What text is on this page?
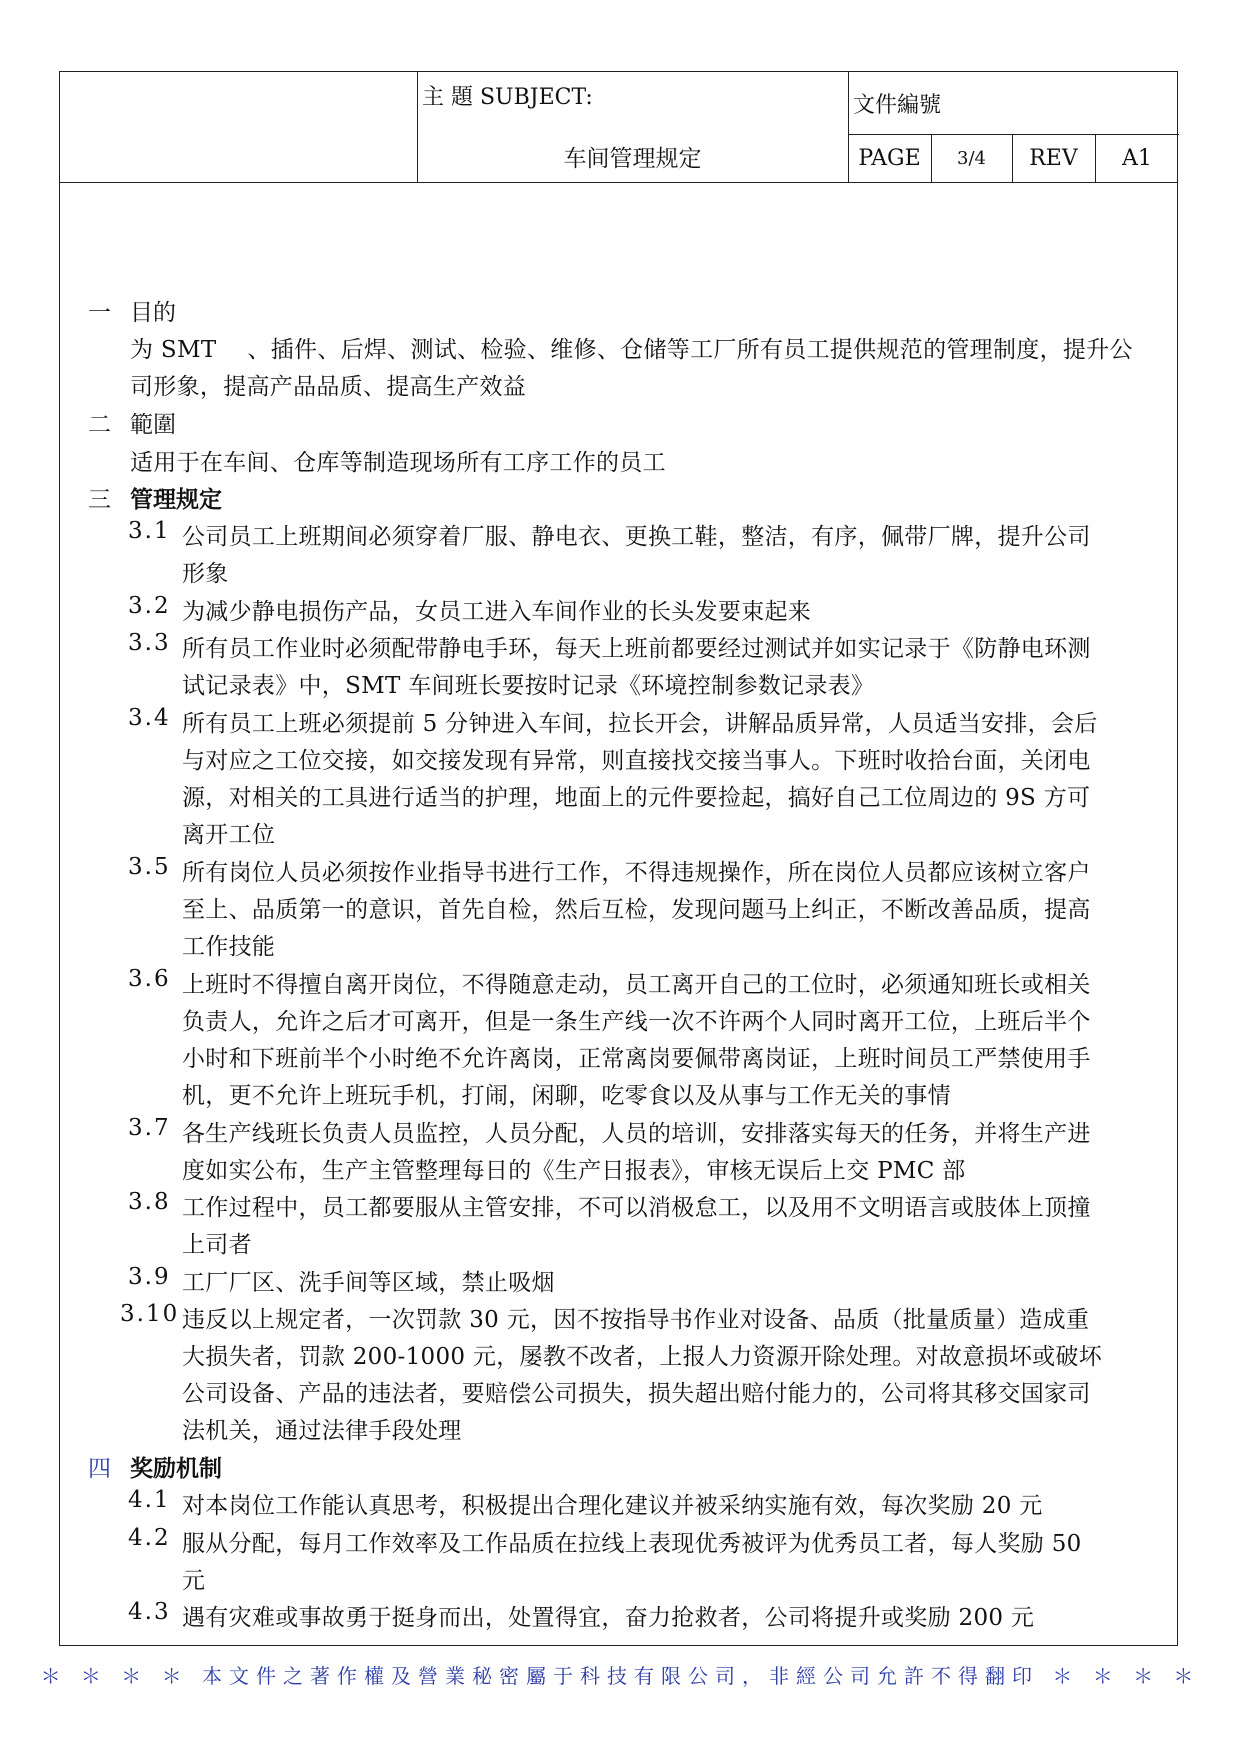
主 題 SUBJECT:
车间管理规定
文件編號
PAGE	3/4	REV	A1
一 目的
为 SMT 　、插件、后焊、测试、检验、维修、仓储等工厂所有员工提供规范的管理制度，提升公
司形象，提高产品品质、提高生产效益
二 範圍
适用于在车间、仓库等制造现场所有工序工作的员工
三 管理规定
3.1 公司员工上班期间必须穿着厂服、静电衣、更换工鞋，整洁，有序，佩带厂牌，提升公司
形象
3.2 为减少静电损伤产品，女员工进入车间作业的长头发要束起来
3.3 所有员工作业时必须配带静电手环，每天上班前都要经过测试并如实记录于《防静电环测
试记录表》中，SMT 车间班长要按时记录《环境控制参数记录表》
3.4 所有员工上班必须提前 5 分钟进入车间，拉长开会，讲解品质异常，人员适当安排，会后
与对应之工位交接，如交接发现有异常，则直接找交接当事人。下班时收拾台面，关闭电
源，对相关的工具进行适当的护理，地面上的元件要捡起，搞好自己工位周边的 9S 方可
离开工位
3.5 所有岗位人员必须按作业指导书进行工作，不得违规操作，所在岗位人员都应该树立客户
至上、品质第一的意识，首先自检，然后互检，发现问题马上纠正，不断改善品质，提高
工作技能
3.6 上班时不得擅自离开岗位，不得随意走动，员工离开自己的工位时，必须通知班长或相关
负责人，允许之后才可离开，但是一条生产线一次不许两个人同时离开工位，上班后半个
小时和下班前半个小时绝不允许离岗，正常离岗要佩带离岗证，上班时间员工严禁使用手
机，更不允许上班玩手机，打闹，闲聊，吃零食以及从事与工作无关的事情
3.7 各生产线班长负责人员监控，人员分配，人员的培训，安排落实每天的任务，并将生产进
度如实公布，生产主管整理每日的《生产日报表》，审核无误后上交 PMC 部
3.8 工作过程中，员工都要服从主管安排，不可以消极怠工，以及用不文明语言或肢体上顶撞
上司者
3.9 工厂厂区、洗手间等区域，禁止吸烟
3.10 违反以上规定者，一次罚款 30 元，因不按指导书作业对设备、品质（批量质量）造成重
大损失者，罚款 200-1000 元，屡教不改者，上报人力资源开除处理。对故意损坏或破坏
公司设备、产品的违法者，要赔偿公司损失，损失超出赔付能力的，公司将其移交国家司
法机关，通过法律手段处理
四 奖励机制
4.1 对本岗位工作能认真思考，积极提出合理化建议并被采纳实施有效，每次奖励 20 元
4.2 服从分配，每月工作效率及工作品质在拉线上表现优秀被评为优秀员工者，每人奖励 50
元
4.3 遇有灾难或事故勇于挺身而出，处置得宜，奋力抢救者，公司将提升或奖励 200 元
＊ ＊ ＊ ＊ 本文件之著作權及營業秘密屬于科技有限公司，非經公司允許不得翻印 ＊ ＊ ＊ ＊
